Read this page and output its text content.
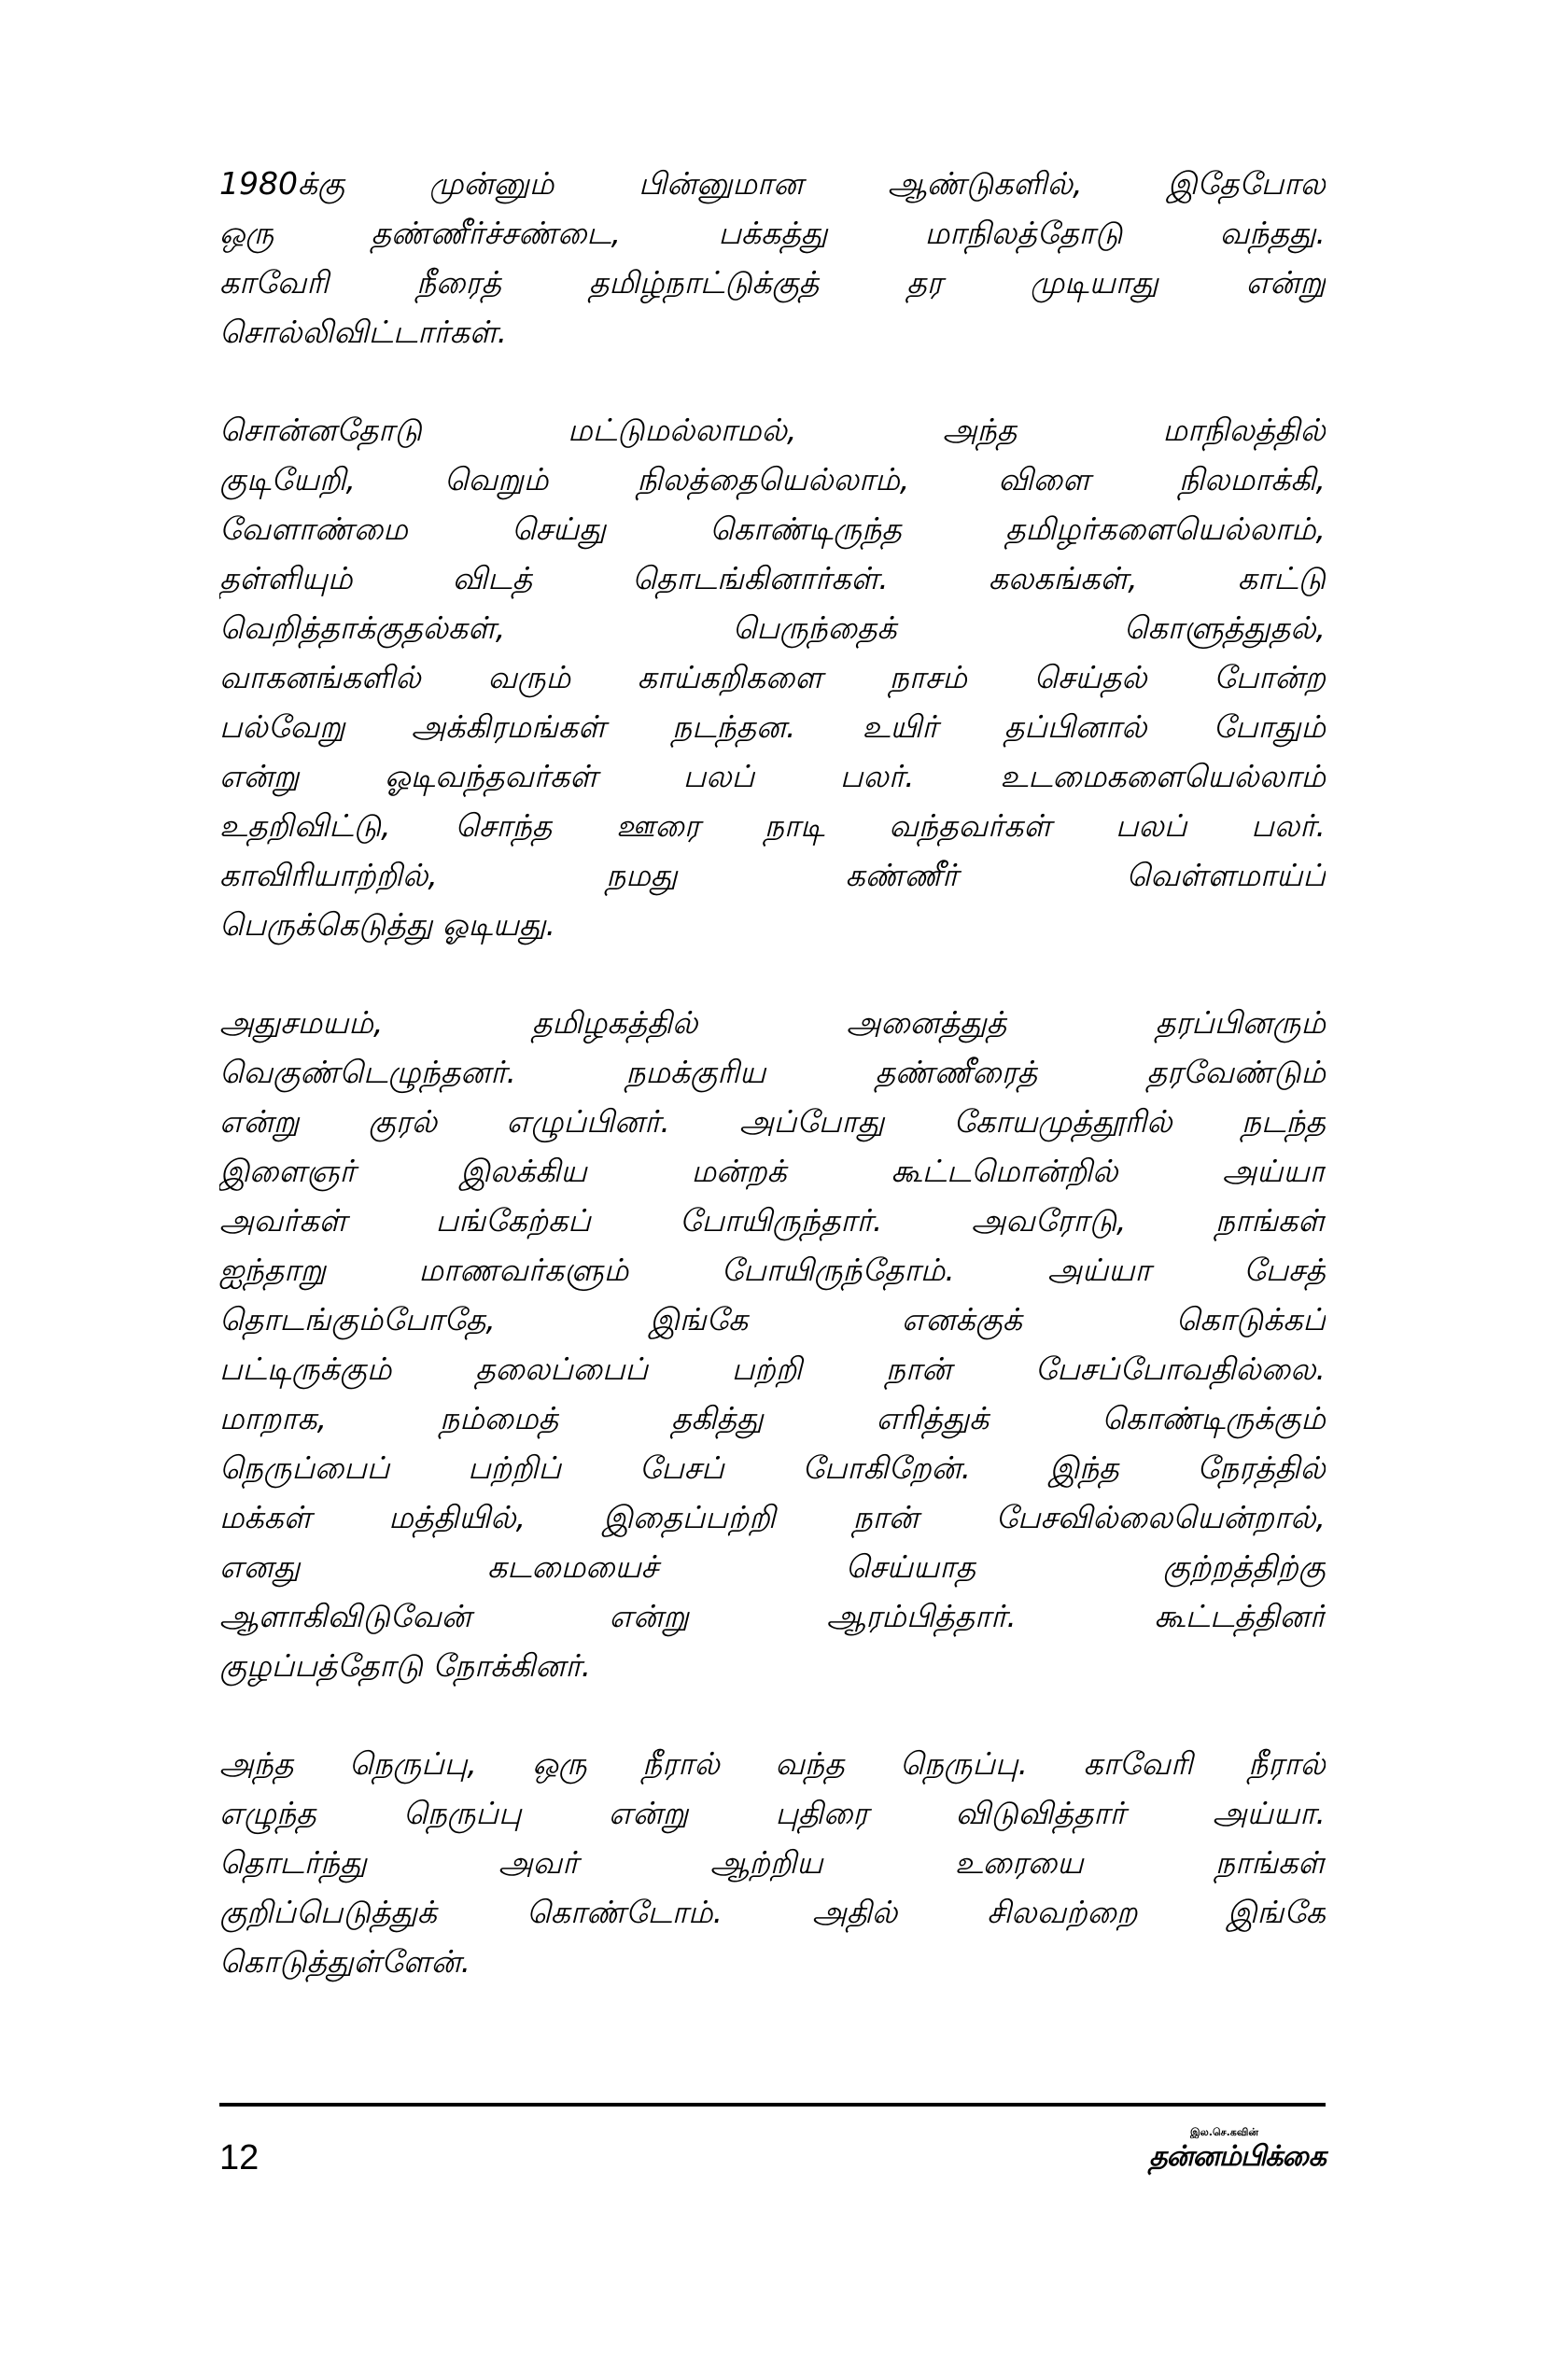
1980க்கு முன்னும் பின்னுமான ஆண்டுகளில், இதேபோல
ஒரு தண்ணீர்ச்சண்டை, பக்கத்து மாநிலத்தோடு வந்தது.
காவேரி நீரைத் தமிழ்நாட்டுக்குத் தர முடியாது என்று
சொல்லிவிட்டார்கள்.
சொன்னதோடு மட்டுமல்லாமல், அந்த மாநிலத்தில்
குடியேறி, வெறும் நிலத்தையெல்லாம், விளை நிலமாக்கி,
வேளாண்மை செய்து கொண்டிருந்த தமிழர்களையெல்லாம்,
தள்ளியும் விடத் தொடங்கினார்கள். கலகங்கள், காட்டு
வெறித்தாக்குதல்கள், பெருந்தைக் கொளுத்துதல்,
வாகனங்களில் வரும் காய்கறிகளை நாசம் செய்தல் போன்ற
பல்வேறு அக்கிரமங்கள் நடந்தன. உயிர் தப்பினால் போதும்
என்று ஓடிவந்தவர்கள் பலப் பலர். உடமைகளையெல்லாம்
உதறிவிட்டு, சொந்த ஊரை நாடி வந்தவர்கள் பலப் பலர்.
காவிரியாற்றில், நமது கண்ணீர் வெள்ளமாய்ப்
பெருக்கெடுத்து ஓடியது.
அதுசமயம், தமிழகத்தில் அனைத்துத் தரப்பினரும்
வெகுண்டெழுந்தனர். நமக்குரிய தண்ணீரைத் தரவேண்டும்
என்று குரல் எழுப்பினர். அப்போது கோயமுத்தூரில் நடந்த
இளைஞர் இலக்கிய மன்றக் கூட்டமொன்றில் அய்யா
அவர்கள் பங்கேற்கப் போயிருந்தார். அவரோடு, நாங்கள்
ஐந்தாறு மாணவர்களும் போயிருந்தோம். அய்யா பேசத்
தொடங்கும்போதே, இங்கே எனக்குக் கொடுக்கப்
பட்டிருக்கும் தலைப்பைப் பற்றி நான் பேசப்போவதில்லை.
மாறாக, நம்மைத் தகித்து எரித்துக் கொண்டிருக்கும்
நெருப்பைப் பற்றிப் பேசப் போகிறேன். இந்த நேரத்தில்
மக்கள் மத்தியில், இதைப்பற்றி நான் பேசவில்லையென்றால்,
எனது கடமையைச் செய்யாத குற்றத்திற்கு
ஆளாகிவிடுவேன் என்று ஆரம்பித்தார். கூட்டத்தினர்
குழப்பத்தோடு நோக்கினர்.
அந்த நெருப்பு, ஒரு நீரால் வந்த நெருப்பு. காவேரி நீரால்
எழுந்த நெருப்பு என்று புதிரை விடுவித்தார் அய்யா.
தொடர்ந்து அவர் ஆற்றிய உரையை நாங்கள்
குறிப்பெடுத்துக் கொண்டோம். அதில் சிலவற்றை இங்கே
கொடுத்துள்ளேன்.
12
இல.செ.கவின்
தன்னம்பிக்கை
